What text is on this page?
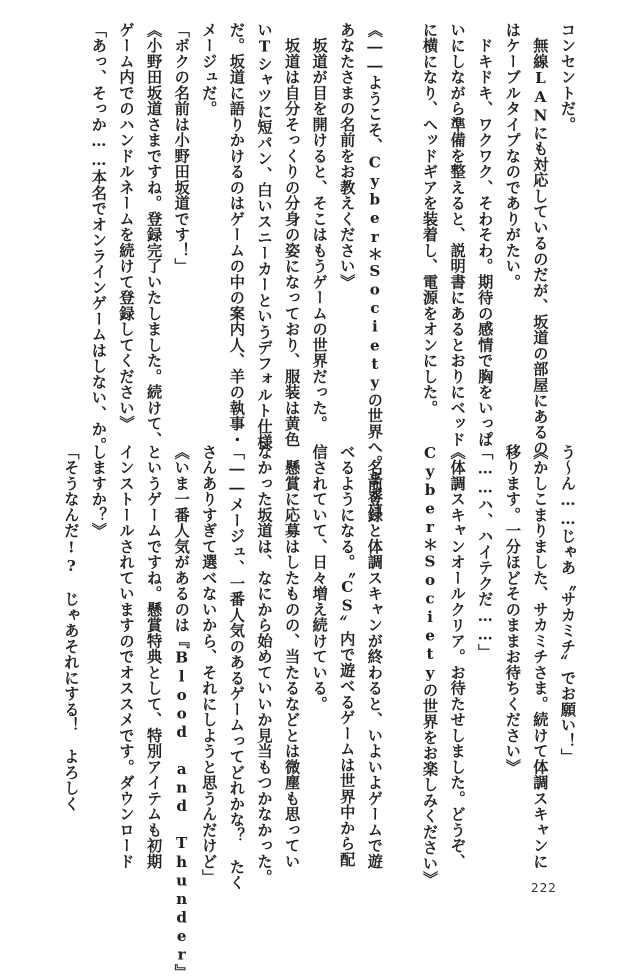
コンセントだ。
　無線LANにも対応しているのだが、坂道の部屋にあるの
はケーブルタイプなのでありがたい。
　ドキドキ、ワクワク、そわそわ。期待の感情で胸をいっぱ
いにしながら準備を整えると、説明書にあるとおりにベッド
に横になり、ヘッドギアを装着し、電源をオンにした。

《――ようこそ、Cyber＊Societyの世界へ。まずは
あなたさまの名前をお教えください》
　坂道が目を開けると、そこはもうゲームの世界だった。
　坂道は自分そっくりの分身の姿になっており、服装は黄色
いTシャツに短パン、白いスニーカーというデフォルト仕様
だ。坂道に語りかけるのはゲームの中の案内人、羊の執事・
メージュだ。
「ボクの名前は小野田坂道です！」
《小野田坂道さまですね。登録完了いたしました。続けて、
ゲーム内でのハンドルネームを続けて登録してください》
「あっ、そっか……本名でオンラインゲームはしない、か。
う～ん……じゃあ〝サカミチ〟でお願い！」
《かしこまりました、サカミチさま。続けて体調スキャンに
移ります。一分ほどそのままお待ちください》
「……ハ、ハイテクだ……」
《体調スキャンオールクリア。お待たせしました。どうぞ、
Cyber＊Societyの世界をお楽しみください》

　名前登録と体調スキャンが終わると、いよいよゲームで遊
べるようになる。〝CS〟内で遊べるゲームは世界中から配
信されていて、日々増え続けている。
　懸賞に応募はしたものの、当たるなどとは微塵も思ってい
なかった坂道は、なにから始めていいか見当もつかなかった。
「――メージュ、一番人気のあるゲームってどれかな？　たく
さんありすぎて選べないから、それにしようと思うんだけど」
《いま一番人気があるのは『Blood and Thunder』
というゲームですね。懸賞特典として、特別アイテムも初期
インストールされていますのでオススメです。ダウンロード
しますか？》
「そうなんだ!?　じゃあそれにする！　よろしく
222
